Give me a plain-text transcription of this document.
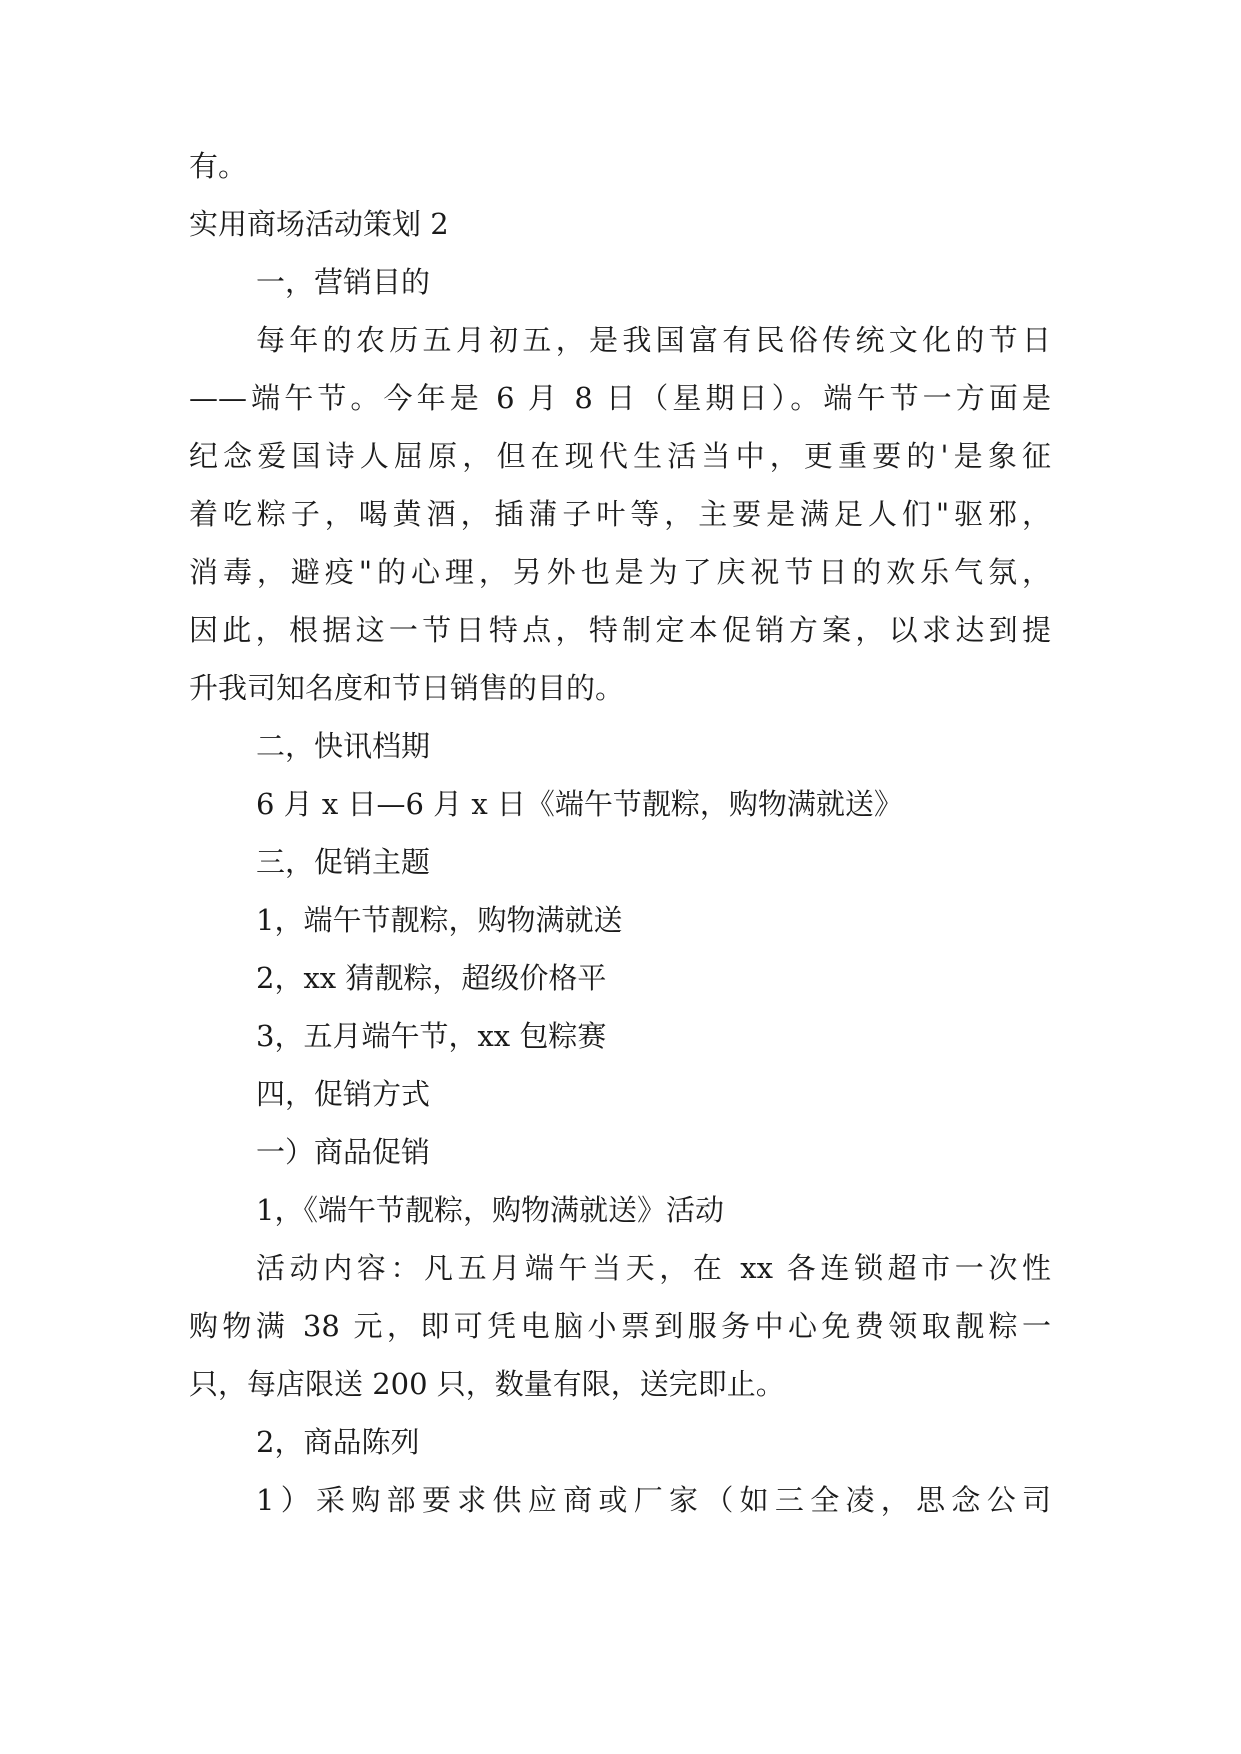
有。
实用商场活动策划 2
一，营销目的
每年的农历五月初五，是我国富有民俗传统文化的节日
——端午节。今年是 6 月 8 日（星期日）。端午节一方面是
纪念爱国诗人屈原，但在现代生活当中，更重要的'是象征
着吃粽子，喝黄酒，插蒲子叶等，主要是满足人们"驱邪，
消毒，避疫"的心理，另外也是为了庆祝节日的欢乐气氛，
因此，根据这一节日特点，特制定本促销方案，以求达到提
升我司知名度和节日销售的目的。
二，快讯档期
6 月 x 日—6 月 x 日《端午节靓粽，购物满就送》
三，促销主题
1，端午节靓粽，购物满就送
2，xx 猜靓粽，超级价格平
3，五月端午节，xx 包粽赛
四，促销方式
一）商品促销
1，《端午节靓粽，购物满就送》活动
活动内容：凡五月端午当天，在 xx 各连锁超市一次性
购物满 38 元，即可凭电脑小票到服务中心免费领取靓粽一
只，每店限送 200 只，数量有限，送完即止。
2，商品陈列
1）采购部要求供应商或厂家（如三全凌，思念公司
